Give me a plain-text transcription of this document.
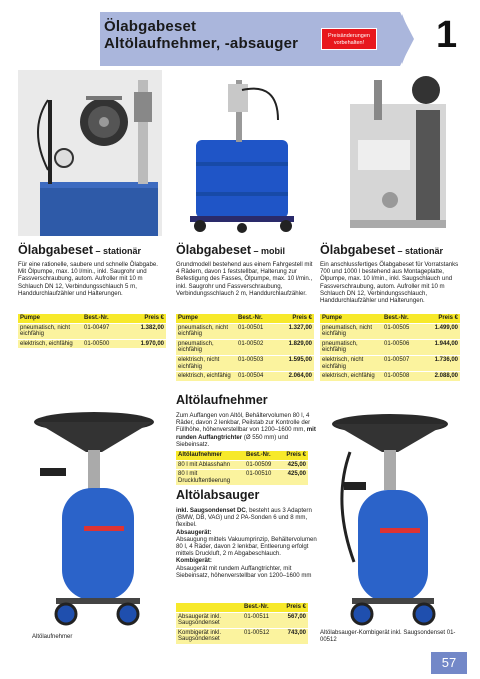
Ölabgabeset
Altölaufnehmer, -absauger	Preisänderungen vorbehalten!	1
Ölabgabeset – stationär
Für eine rationelle, saubere und schnelle Ölabgabe. Mit Ölpumpe, max. 10 l/min., inkl. Saugrohr und Fassverschraubung, autom. Aufroller mit 10 m Schlauch DN 12, Verbindungsschlauch 5 m, Handdurchlaufzähler und Halterungen.
Pumpe	Best.-Nr.	Preis €
pneumatisch, nicht eichfähig	01-00497	1.382,00
elektrisch, eichfähig	01-00500	1.970,00
Ölabgabeset – mobil
Grundmodell bestehend aus einem Fahrgestell mit 4 Rädern, davon 1 feststellbar, Halterung zur Befestigung des Fasses, Ölpumpe, max. 10 l/min., inkl. Saugrohr und Fassverschraubung, Verbindungsschlauch 2 m, Handdurchlaufzähler.
Pumpe	Best.-Nr.	Preis €
pneumatisch, nicht eichfähig	01-00501	1.327,00
pneumatisch, eichfähig	01-00502	1.829,00
elektrisch, nicht eichfähig	01-00503	1.595,00
elektrisch, eichfähig	01-00504	2.064,00
Ölabgabeset – stationär
Ein anschlussfertiges Ölabgabeset für Vorratstanks 700 und 1000 l bestehend aus Montageplatte, Ölpumpe, max. 10 l/min., inkl. Saugschlauch und Fassverschraubung, autom. Aufroller mit 10 m Schlauch DN 12, Verbindungsschlauch, Handdurchlaufzähler und Halterungen.
Pumpe	Best.-Nr.	Preis €
pneumatisch, nicht eichfähig	01-00505	1.499,00
pneumatisch, eichfähig	01-00506	1.944,00
elektrisch, nicht eichfähig	01-00507	1.736,00
elektrisch, eichfähig	01-00508	2.088,00
Altölaufnehmer
Altölaufnehmer
Zum Auffangen von Altöl, Behältervolumen 80 l, 4 Räder, davon 2 lenkbar, Peilstab zur Kontrolle der Füllhöhe, höhenverstellbar von 1200–1600 mm, mit runden Auffangtrichter (Ø 550 mm) und Siebeinsatz.
Altölaufnehmer	Best.-Nr.	Preis €
80 l mit Ablasshahn	01-00509	425,00
80 l mit Druckluftentleerung	01-00510	425,00
Altölabsauger
inkl. Saugsondenset DC, besteht aus 3 Adaptern (BMW, DB, VAG) und 2 PA-Sonden 6 und 8 mm, flexibel.
Absaugerät:
Absaugung mittels Vakuumprinzip, Behältervolumen 80 l, 4 Räder, davon 2 lenkbar, Entleerung erfolgt mittels Druckluft, 2 m Abgabeschlauch.
Kombigerät:
Absaugerät mit rundem Auffangtrichter, mit Siebeinsatz, höhenverstellbar von 1200–1600 mm
	Best.-Nr.	Preis €
Absaugerät inkl. Saugsondenset	01-00511	567,00
Kombigerät inkl. Saugsondenset	01-00512	743,00 Altölabsauger-Kombigerät inkl. Saugsondenset 01-00512
57
